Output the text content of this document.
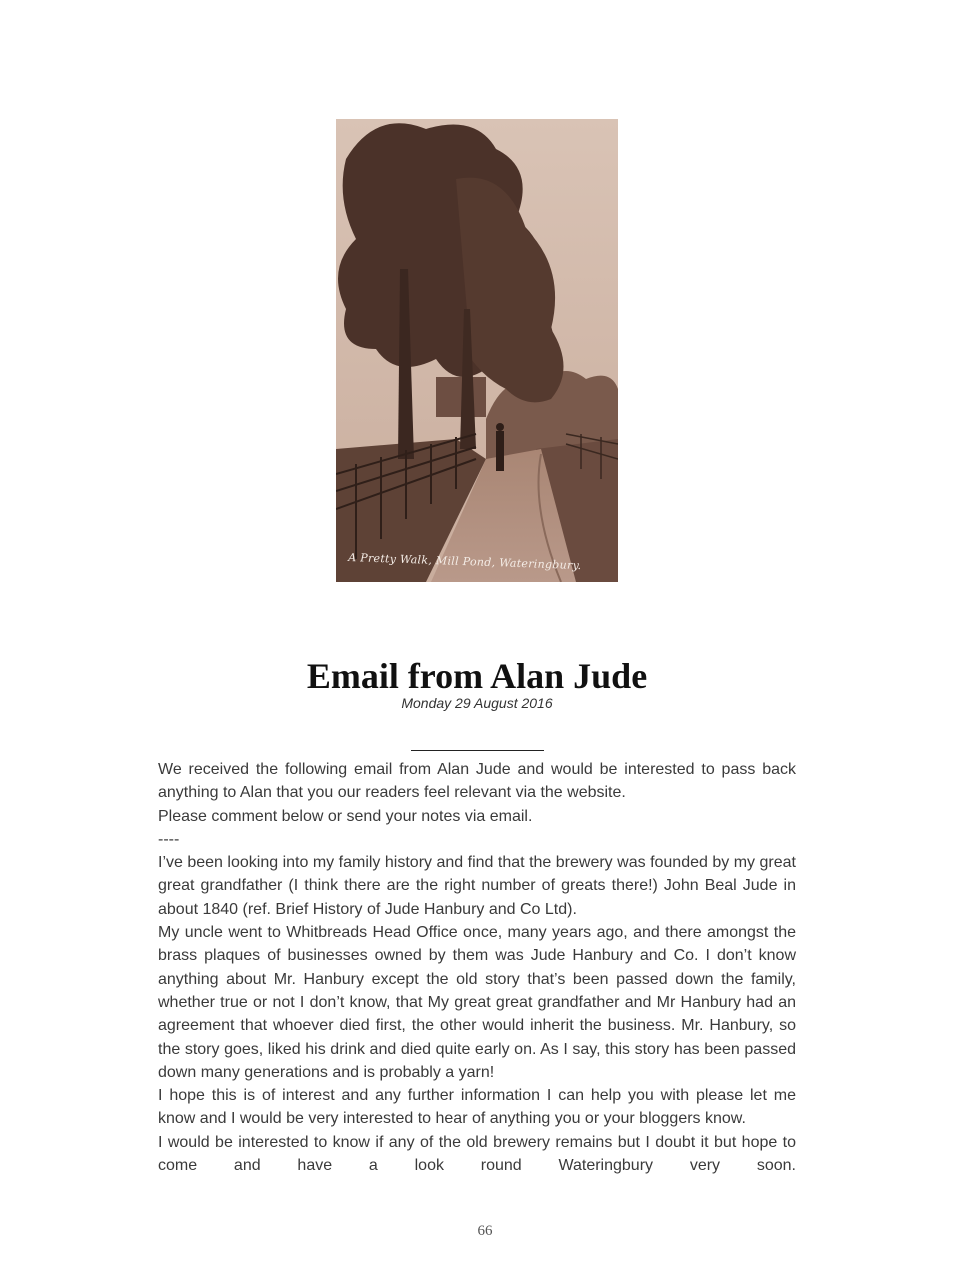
A Pretty Walk, Mill Pond, Wateringbury.
Email from Alan Jude
Monday 29 August 2016

We received the following email from Alan Jude and would be interested to pass back anything to Alan that you our readers feel relevant via the website.

Please comment below or send your notes via email.

----

I’ve been looking into my family history and find that the brewery was founded by my great great grandfather (I think there are the right number of greats there!) John Beal Jude in about 1840 (ref. Brief History of Jude Hanbury and Co Ltd).

My uncle went to Whitbreads Head Office once, many years ago, and there amongst the brass plaques of businesses owned by them was Jude Hanbury and Co. I don’t know anything about Mr. Hanbury except the old story that’s been passed down the family, whether true or not I don’t know, that My great great grandfather and Mr Hanbury had an agreement that whoever died first, the other would inherit the business. Mr. Hanbury, so the story goes, liked his drink and died quite early on. As I say, this story has been passed down many generations and is probably a yarn!

I hope this is of interest and any further information I can help you with please let me know and I would be very interested to hear of anything you or your bloggers know.

I would be interested to know if any of the old brewery remains but I doubt it but hope to come and have a look round Wateringbury very soon.

66
